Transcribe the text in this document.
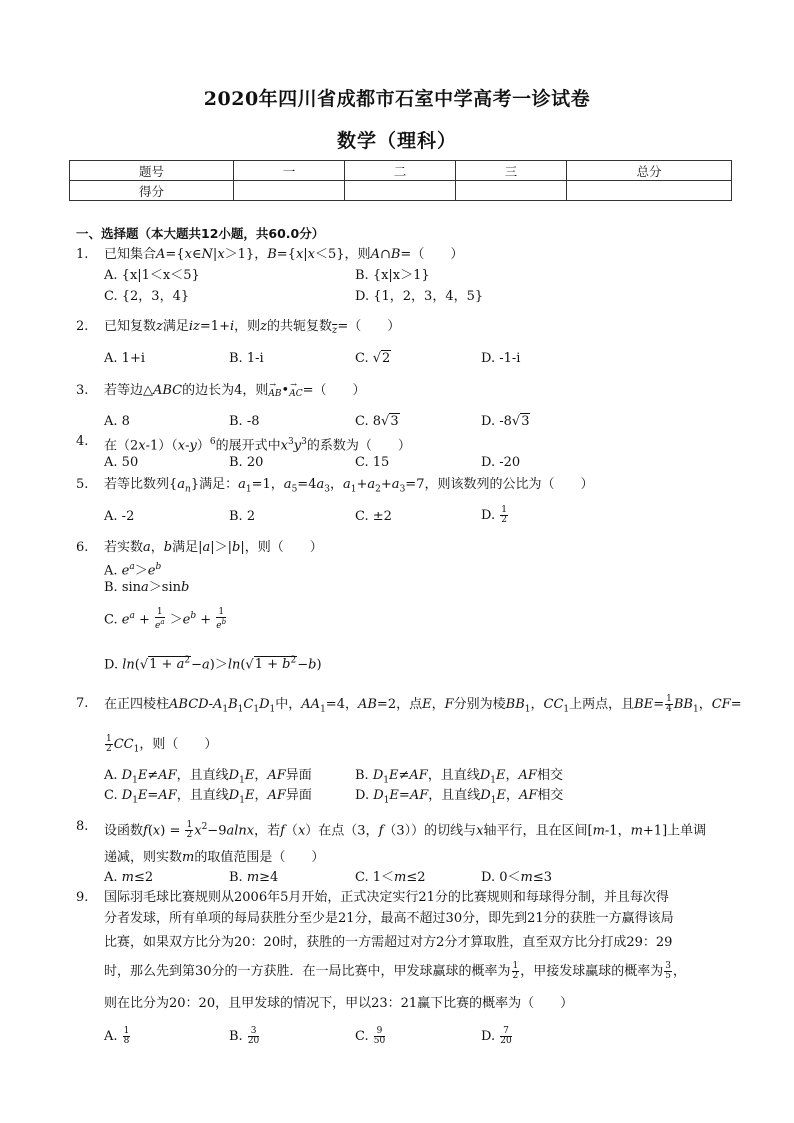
2020年四川省成都市石室中学高考一诊试卷
数学（理科）
题号	一	二	三	总分
得分				
一、选择题（本大题共12小题，共60.0分）
1.	已知集合A={x∈N|x＞1}，B={x|x＜5}，则A∩B=（　　）
A. {x|1＜x＜5}	B. {x|x＞1}
C. {2，3，4}	D. {1，2，3，4，5}
2.	已知复数z满足iz=1+i，则z的共轭复数$_{\overline{z}}$=（　　）
A. 1+i	B. 1-i	C. √2	D. -1-i
3.	若等边△ABC的边长为4，则→ AB•→ AC=（　　）
A. 8	B. -8	C. 8√3	D. -8√3
4.	在$(2x-1)(x-y)^6$的展开式中$x^3y^3$的系数为（　　）
A. 50	B. 20	C. 15	D. -20
5.	若等比数列$\{a_n\}$满足：$a_1=1$，$a_5=4a_3$，$a_1+a_2+a_3=7$，则该数列的公比为（　　）
A. -2	B. 2	C. ±2	D. $\frac{1}{2}$
6.	若实数a，b满足|a|＞|b|，则（　　）
A. $e^a>e^b$
B. sina＞sinb
C. $e^a + \frac{1}{e^a} >e^b + \frac{1}{e^b}$
D. $\ln(√1 + a^2-a)>\ln(√1 + b^2-b)$
7.	在正四棱柱ABCD-$A_1B_1C_1D_1$中，$AA_1=4$，AB=2，点E，F分别为棱$BB_1$，$CC_1$上两点，且$BE= \frac{1}{4} BB_1$，CF=
$\frac{1}{2} CC_1$，则（　　）
A. $D_1E\ne AF$，且直线$D_1E$，AF异面	B. $D_1E\ne AF$，且直线$D_1E$，AF相交
C. $D_1E=AF$，且直线$D_1E$，AF异面	D. $D_1E=AF$，且直线$D_1E$，AF相交
8.	设函数$f(x) = \frac{1}{2} x^2-9alnx$，若f（x）在点（3，f（3））的切线与x轴平行，且在区间[m-1，m+1]上单调
递减，则实数m的取值范围是（　　）
A. m≤2	B. m≥4	C. 1＜m≤2	D. 0＜m≤3
9.	国际羽毛球比赛规则从2006年5月开始，正式决定实行21分的比赛规则和每球得分制，并且每次得
分者发球，所有单项的每局获胜分至少是21分，最高不超过30分，即先到21分的获胜一方赢得该局
比赛，如果双方比分为20：20时，获胜的一方需超过对方2分才算取胜，直至双方比分打成29：29
时，那么先到第30分的一方获胜．在一局比赛中，甲发球赢球的概率为 $\frac{1}{2}$ ，甲接发球赢球的概率为 $\frac{3}{5}$ ，
则在比分为20：20，且甲发球的情况下，甲以23：21赢下比赛的概率为（　　）
A. $\frac{1}{8}$	B. $\frac{3}{20}$	C. $\frac{9}{50}$	D. $\frac{7}{20}$
